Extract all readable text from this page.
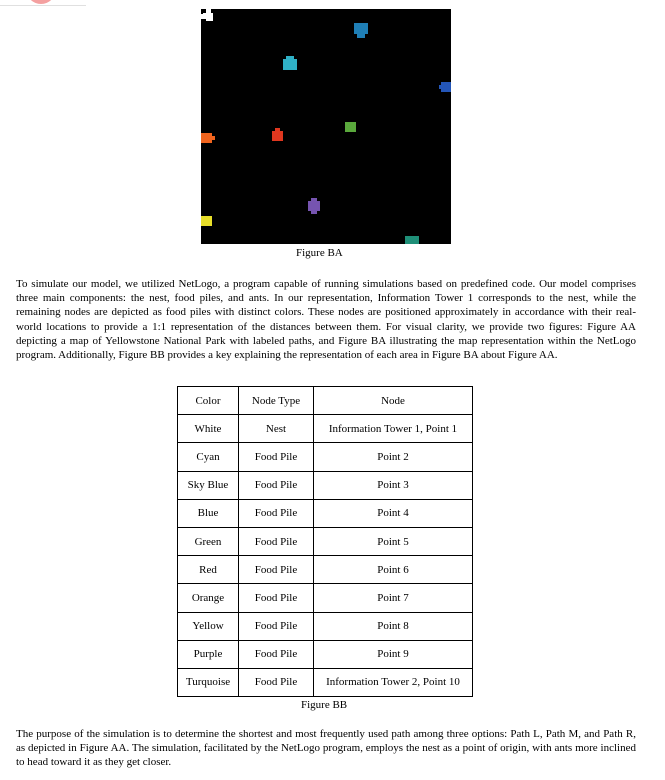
Figure BA

To simulate our model, we utilized NetLogo, a program capable of running simulations based on predefined code. Our model comprises three main components: the nest, food piles, and ants. In our representation, Information Tower 1 corresponds to the nest, while the remaining nodes are depicted as food piles with distinct colors. These nodes are positioned approximately in accordance with their real-world locations to provide a 1:1 representation of the distances between them. For visual clarity, we provide two figures: Figure AA depicting a map of Yellowstone National Park with labeled paths, and Figure BA illustrating the map representation within the NetLogo program. Additionally, Figure BB provides a key explaining the representation of each area in Figure BA about Figure AA.

Color	Node Type	Node
White	Nest	Information Tower 1, Point 1
Cyan	Food Pile	Point 2
Sky Blue	Food Pile	Point 3
Blue	Food Pile	Point 4
Green	Food Pile	Point 5
Red	Food Pile	Point 6
Orange	Food Pile	Point 7
Yellow	Food Pile	Point 8
Purple	Food Pile	Point 9
Turquoise	Food Pile	Information Tower 2, Point 10
Figure BB

The purpose of the simulation is to determine the shortest and most frequently used path among three options: Path L, Path M, and Path R, as depicted in Figure AA. The simulation, facilitated by the NetLogo program, employs the nest as a point of origin, with ants more inclined to head toward it as they get closer.
